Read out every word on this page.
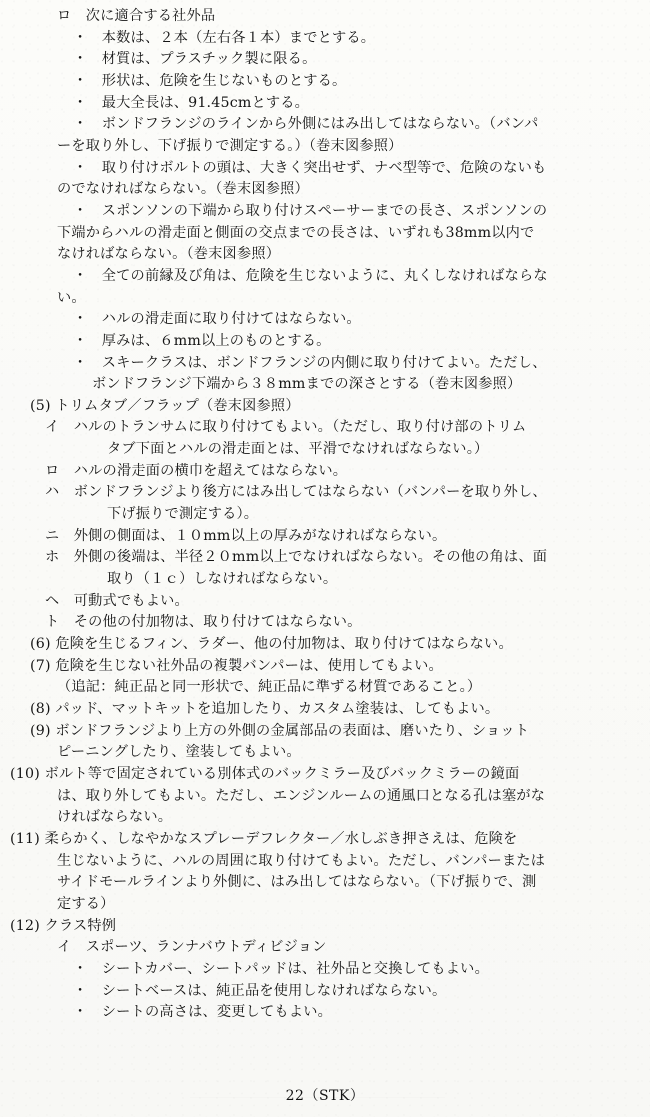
ロ　次に適合する社外品
・　本数は、２本（左右各１本）までとする。
・　材質は、プラスチック製に限る。
・　形状は、危険を生じないものとする。
・　最大全長は、91.45cmとする。
・　ボンドフランジのラインから外側にはみ出してはならない。（バンパ
ーを取り外し、下げ振りで測定する。）（巻末図参照）
・　取り付けボルトの頭は、大きく突出せず、ナベ型等で、危険のないも
のでなければならない。（巻末図参照）
・　スポンソンの下端から取り付けスペーサーまでの長さ、スポンソンの
下端からハルの滑走面と側面の交点までの長さは、いずれも38mm以内で
なければならない。（巻末図参照）
・　全ての前縁及び角は、危険を生じないように、丸くしなければならな
い。
・　ハルの滑走面に取り付けてはならない。
・　厚みは、６mm以上のものとする。
・　スキークラスは、ボンドフランジの内側に取り付けてよい。ただし、
ボンドフランジ下端から３８mmまでの深さとする（巻末図参照）
(5) トリムタブ／フラップ（巻末図参照）
イ　ハルのトランサムに取り付けてもよい。（ただし、取り付け部のトリム
タブ下面とハルの滑走面とは、平滑でなければならない。）
ロ　ハルの滑走面の横巾を超えてはならない。
ハ　ボンドフランジより後方にはみ出してはならない（バンパーを取り外し、
下げ振りで測定する）。
ニ　外側の側面は、１０mm以上の厚みがなければならない。
ホ　外側の後端は、半径２０mm以上でなければならない。その他の角は、面
取り（１ｃ）しなければならない。
ヘ　可動式でもよい。
ト　その他の付加物は、取り付けてはならない。
(6) 危険を生じるフィン、ラダー、他の付加物は、取り付けてはならない。
(7) 危険を生じない社外品の複製バンパーは、使用してもよい。
（追記：純正品と同一形状で、純正品に準ずる材質であること。）
(8) パッド、マットキットを追加したり、カスタム塗装は、してもよい。
(9) ボンドフランジより上方の外側の金属部品の表面は、磨いたり、ショット
ピーニングしたり、塗装してもよい。
(10) ボルト等で固定されている別体式のバックミラー及びバックミラーの鏡面
は、取り外してもよい。ただし、エンジンルームの通風口となる孔は塞がな
ければならない。
(11) 柔らかく、しなやかなスプレーデフレクター／水しぶき押さえは、危険を
生じないように、ハルの周囲に取り付けてもよい。ただし、バンパーまたは
サイドモールラインより外側に、はみ出してはならない。（下げ振りで、測
定する）
(12) クラス特例
イ　スポーツ、ランナバウトディビジョン
・　シートカバー、シートパッドは、社外品と交換してもよい。
・　シートベースは、純正品を使用しなければならない。
・　シートの高さは、変更してもよい。
22（STK）
